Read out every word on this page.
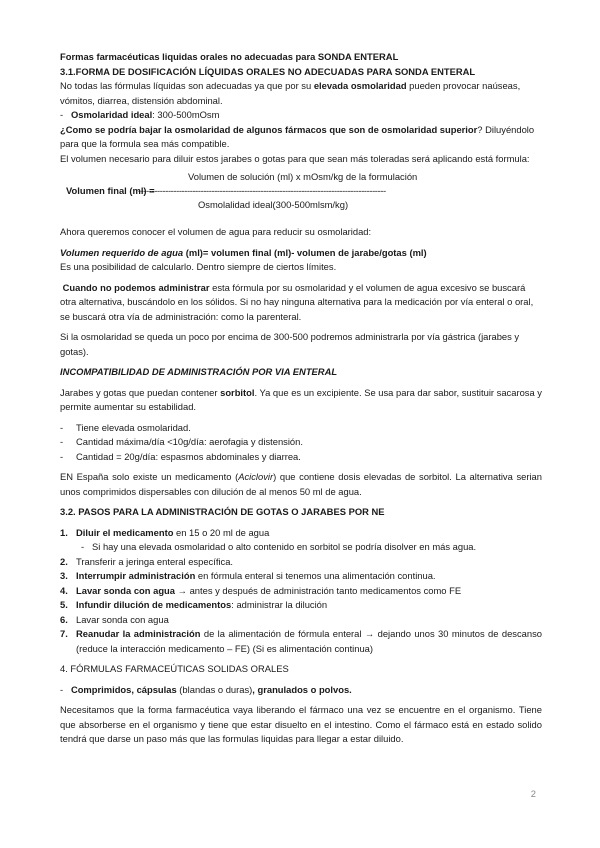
Formas farmacéuticas liquidas orales no adecuadas para SONDA ENTERAL

3.1.FORMA DE DOSIFICACIÓN LÍQUIDAS ORALES NO ADECUADAS PARA SONDA ENTERAL

No todas las fórmulas líquidas son adecuadas ya que por su elevada osmolaridad pueden provocar naúseas, vómitos, diarrea, distensión abdominal.

-   Osmolaridad ideal: 300-500mOsm

¿Como se podría bajar la osmolaridad de algunos fármacos que son de osmolaridad superior? Diluyéndolo para que la formula sea más compatible.

El volumen necesario para diluir estos jarabes o gotas para que sean más toleradas será aplicando está formula:

Volumen de solución (ml) x mOsm/kg de la formulación
Volumen final (ml) =
-------------------------------------------------------------------------------------------
Osmolalidad ideal(300-500mlsm/kg)

Ahora queremos conocer el volumen de agua para reducir su osmolaridad:

Volumen requerido de agua (ml)= volumen final (ml)- volumen de jarabe/gotas (ml)

Es una posibilidad de calcularlo. Dentro siempre de ciertos límites.

Cuando no podemos administrar esta fórmula por su osmolaridad y el volumen de agua excesivo se buscará otra alternativa, buscándolo en los sólidos. Si no hay ninguna alternativa para la medicación por vía enteral o oral, se buscará otra vía de administración: como la parenteral.

Si la osmolaridad se queda un poco por encima de 300-500 podremos administrarla por vía gástrica (jarabes y gotas).

INCOMPATIBILIDAD DE ADMINISTRACIÓN POR VIA ENTERAL

Jarabes y gotas que puedan contener sorbitol. Ya que es un excipiente. Se usa para dar sabor, sustituir sacarosa y permite aumentar su estabilidad.

- Tiene elevada osmolaridad.
- Cantidad máxima/día <10g/día: aerofagia y distensión.
- Cantidad = 20g/día: espasmos abdominales y diarrea.

EN España solo existe un medicamento (Aciclovir) que contiene dosis elevadas de sorbitol. La alternativa serian unos comprimidos dispersables con dilución de al menos 50 ml de agua.

3.2. PASOS PARA LA ADMINISTRACIÓN DE GOTAS O JARABES POR NE

1. Diluir el medicamento en 15 o 20 ml de agua
- Si hay una elevada osmolaridad o alto contenido en sorbitol se podría disolver en más agua.
2. Transferir a jeringa enteral específica.
3. Interrumpir administración en fórmula enteral si tenemos una alimentación continua.
4. Lavar sonda con agua → antes y después de administración tanto medicamentos como FE
5. Infundir dilución de medicamentos: administrar la dilución
6. Lavar sonda con agua
7. Reanudar la administración de la alimentación de fórmula enteral → dejando unos 30 minutos de descanso (reduce la interacción medicamento – FE) (Si es alimentación continua)

4. FÓRMULAS FARMACEÚTICAS SOLIDAS ORALES

-   Comprimidos, cápsulas (blandas o duras), granulados o polvos.

Necesitamos que la forma farmacéutica vaya liberando el fármaco una vez se encuentre en el organismo. Tiene que absorberse en el organismo y tiene que estar disuelto en el intestino. Como el fármaco está en estado solido tendrá que darse un paso más que las formulas liquidas para llegar a estar diluido.

2
